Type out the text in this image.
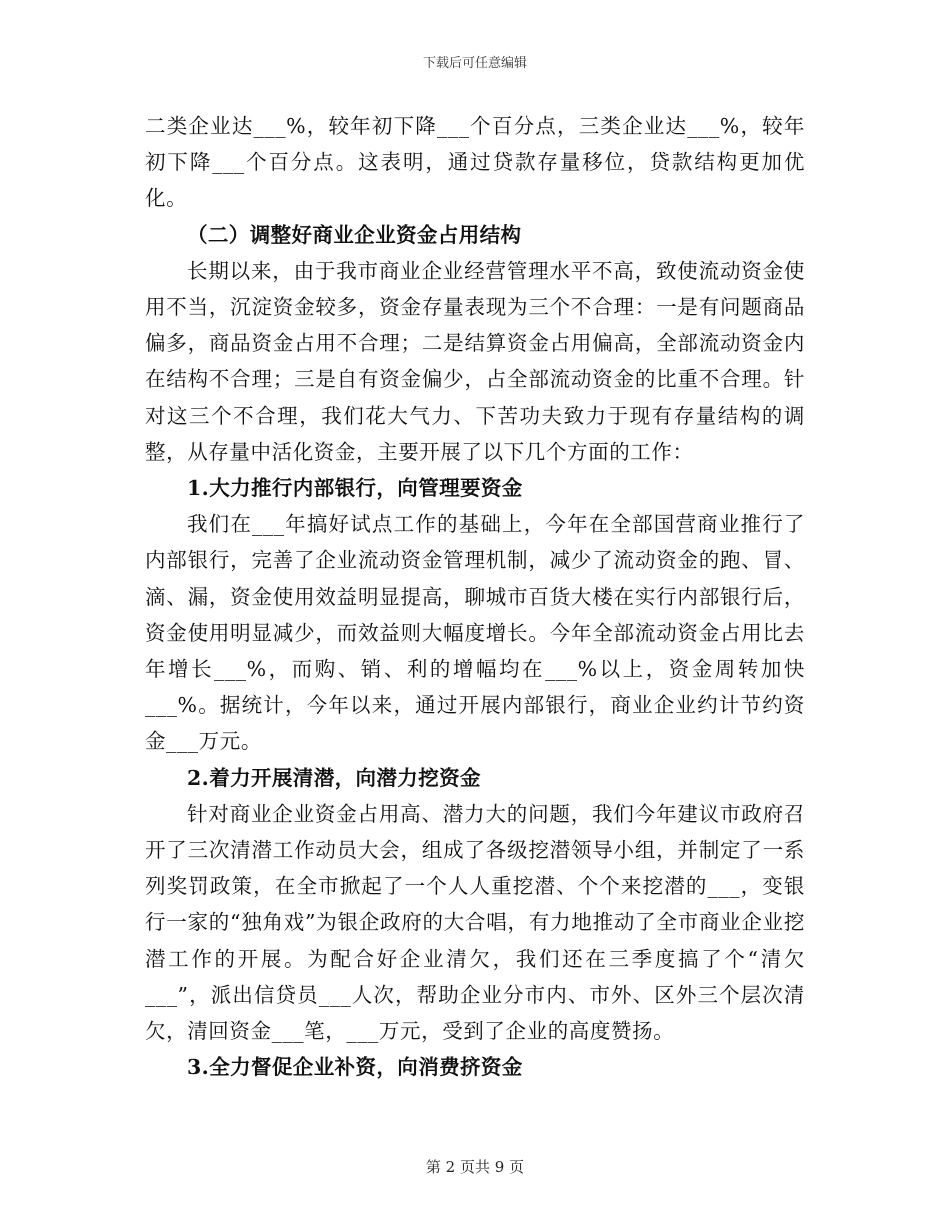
下载后可任意编辑

二类企业达___%，较年初下降___个百分点，三类企业达___%，较年初下降___个百分点。这表明，通过贷款存量移位，贷款结构更加优化。

（二）调整好商业企业资金占用结构

长期以来，由于我市商业企业经营管理水平不高，致使流动资金使用不当，沉淀资金较多，资金存量表现为三个不合理：一是有问题商品偏多，商品资金占用不合理；二是结算资金占用偏高，全部流动资金内在结构不合理；三是自有资金偏少，占全部流动资金的比重不合理。针对这三个不合理，我们花大气力、下苦功夫致力于现有存量结构的调整，从存量中活化资金，主要开展了以下几个方面的工作：

1.大力推行内部银行，向管理要资金

我们在___年搞好试点工作的基础上，今年在全部国营商业推行了内部银行，完善了企业流动资金管理机制，减少了流动资金的跑、冒、滴、漏，资金使用效益明显提高，聊城市百货大楼在实行内部银行后，资金使用明显减少，而效益则大幅度增长。今年全部流动资金占用比去年增长___%，而购、销、利的增幅均在___%以上，资金周转加快___%。据统计，今年以来，通过开展内部银行，商业企业约计节约资金___万元。

2.着力开展清潜，向潜力挖资金

针对商业企业资金占用高、潜力大的问题，我们今年建议市政府召开了三次清潜工作动员大会，组成了各级挖潜领导小组，并制定了一系列奖罚政策，在全市掀起了一个人人重挖潜、个个来挖潜的___，变银行一家的“独角戏”为银企政府的大合唱，有力地推动了全市商业企业挖潜工作的开展。为配合好企业清欠，我们还在三季度搞了个“清欠___”，派出信贷员___人次，帮助企业分市内、市外、区外三个层次清欠，清回资金___笔，___万元，受到了企业的高度赞扬。

3.全力督促企业补资，向消费挤资金

第 2 页共 9 页
